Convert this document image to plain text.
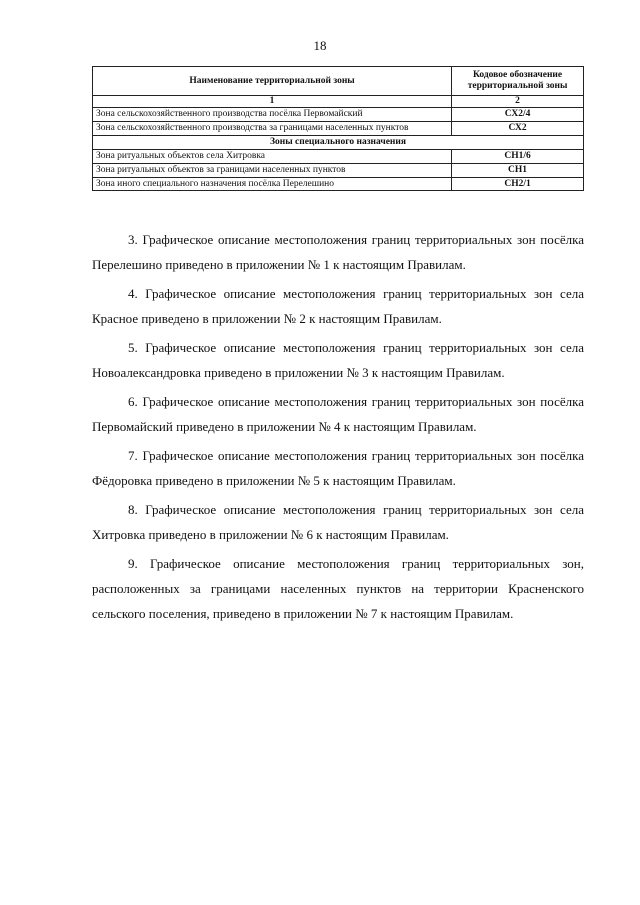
18
Наименование территориальной зоны	Кодовое обозначение территориальной зоны
1	2
Зона сельскохозяйственного производства посёлка Первомайский	СХ2/4
Зона сельскохозяйственного производства за границами населенных пунктов	СХ2
Зоны специального назначения	
Зона ритуальных объектов села Хитровка	СН1/6
Зона ритуальных объектов за границами населенных пунктов	СН1
Зона иного специального назначения посёлка Перелешино	СН2/1

3. Графическое описание местоположения границ территориальных зон посёлка Перелешино приведено в приложении № 1 к настоящим Правилам.

4. Графическое описание местоположения границ территориальных зон села Красное приведено в приложении № 2 к настоящим Правилам.

5. Графическое описание местоположения границ территориальных зон села Новоалександровка приведено в приложении № 3 к настоящим Правилам.

6. Графическое описание местоположения границ территориальных зон посёлка Первомайский приведено в приложении № 4 к настоящим Правилам.

7. Графическое описание местоположения границ территориальных зон посёлка Фёдоровка приведено в приложении № 5 к настоящим Правилам.

8. Графическое описание местоположения границ территориальных зон села Хитровка приведено в приложении № 6 к настоящим Правилам.

9. Графическое описание местоположения границ территориальных зон, расположенных за границами населенных пунктов на территории Красненского сельского поселения, приведено в приложении № 7 к настоящим Правилам.
